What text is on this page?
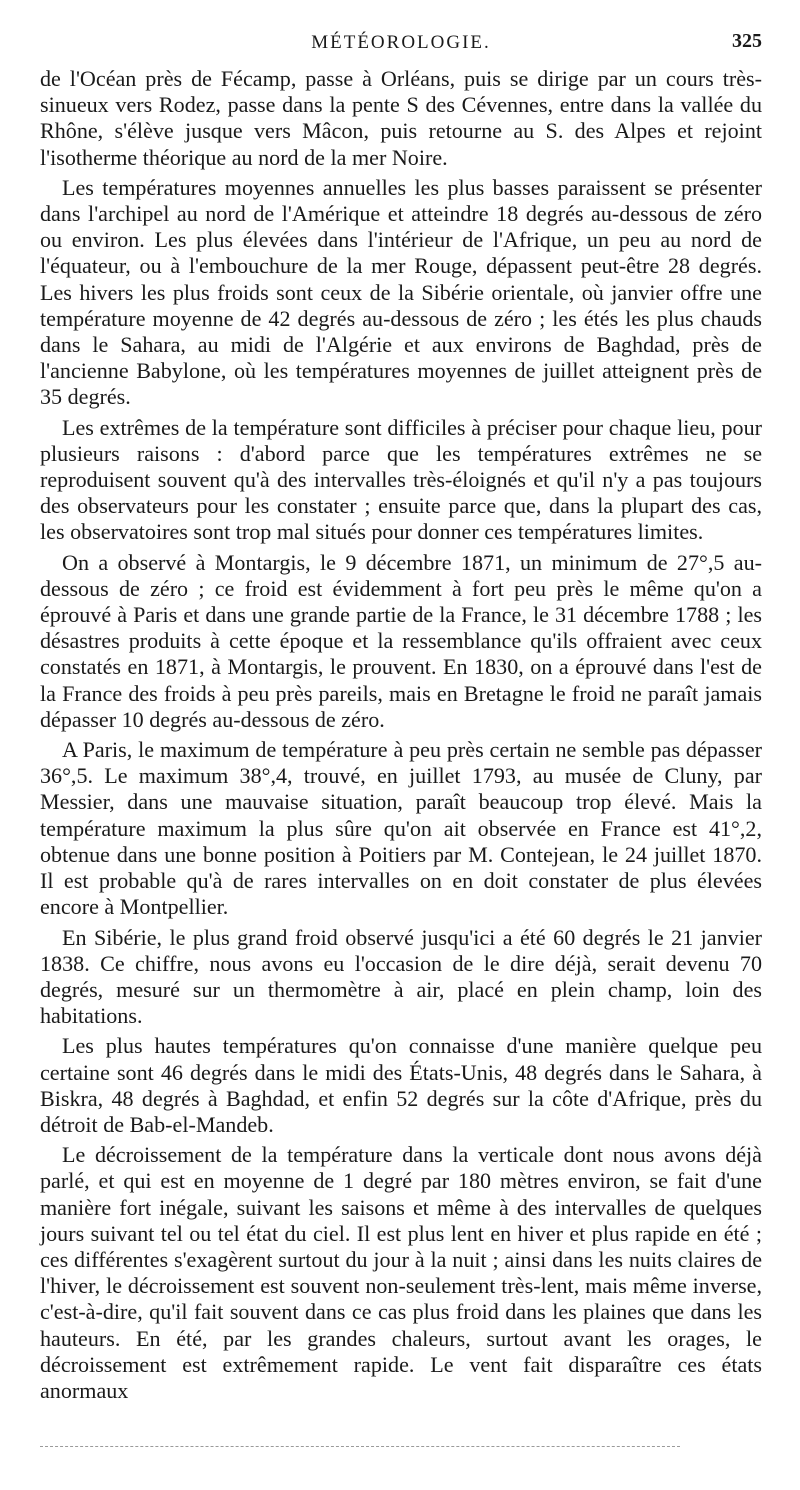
MÉTÉOROLOGIE.	325

de l'Océan près de Fécamp, passe à Orléans, puis se dirige par un cours très-sinueux vers Rodez, passe dans la pente S des Cévennes, entre dans la vallée du Rhône, s'élève jusque vers Mâcon, puis retourne au S. des Alpes et rejoint l'isotherme théorique au nord de la mer Noire.

Les températures moyennes annuelles les plus basses paraissent se présenter dans l'archipel au nord de l'Amérique et atteindre 18 degrés au-dessous de zéro ou environ. Les plus élevées dans l'intérieur de l'Afrique, un peu au nord de l'équateur, ou à l'embouchure de la mer Rouge, dépassent peut-être 28 degrés. Les hivers les plus froids sont ceux de la Sibérie orientale, où janvier offre une température moyenne de 42 degrés au-dessous de zéro ; les étés les plus chauds dans le Sahara, au midi de l'Algérie et aux environs de Baghdad, près de l'ancienne Babylone, où les températures moyennes de juillet atteignent près de 35 degrés.

Les extrêmes de la température sont difficiles à préciser pour chaque lieu, pour plusieurs raisons : d'abord parce que les températures extrêmes ne se reproduisent souvent qu'à des intervalles très-éloignés et qu'il n'y a pas toujours des observateurs pour les constater ; ensuite parce que, dans la plupart des cas, les observatoires sont trop mal situés pour donner ces températures limites.

On a observé à Montargis, le 9 décembre 1871, un minimum de 27°,5 au-dessous de zéro ; ce froid est évidemment à fort peu près le même qu'on a éprouvé à Paris et dans une grande partie de la France, le 31 décembre 1788 ; les désastres produits à cette époque et la ressemblance qu'ils offraient avec ceux constatés en 1871, à Montargis, le prouvent. En 1830, on a éprouvé dans l'est de la France des froids à peu près pareils, mais en Bretagne le froid ne paraît jamais dépasser 10 degrés au-dessous de zéro.

A Paris, le maximum de température à peu près certain ne semble pas dépasser 36°,5. Le maximum 38°,4, trouvé, en juillet 1793, au musée de Cluny, par Messier, dans une mauvaise situation, paraît beaucoup trop élevé. Mais la température maximum la plus sûre qu'on ait observée en France est 41°,2, obtenue dans une bonne position à Poitiers par M. Contejean, le 24 juillet 1870. Il est probable qu'à de rares intervalles on en doit constater de plus élevées encore à Montpellier.

En Sibérie, le plus grand froid observé jusqu'ici a été 60 degrés le 21 janvier 1838. Ce chiffre, nous avons eu l'occasion de le dire déjà, serait devenu 70 degrés, mesuré sur un thermomètre à air, placé en plein champ, loin des habitations.

Les plus hautes températures qu'on connaisse d'une manière quelque peu certaine sont 46 degrés dans le midi des États-Unis, 48 degrés dans le Sahara, à Biskra, 48 degrés à Baghdad, et enfin 52 degrés sur la côte d'Afrique, près du détroit de Bab-el-Mandeb.

Le décroissement de la température dans la verticale dont nous avons déjà parlé, et qui est en moyenne de 1 degré par 180 mètres environ, se fait d'une manière fort inégale, suivant les saisons et même à des intervalles de quelques jours suivant tel ou tel état du ciel. Il est plus lent en hiver et plus rapide en été ; ces différentes s'exagèrent surtout du jour à la nuit ; ainsi dans les nuits claires de l'hiver, le décroissement est souvent non-seulement très-lent, mais même inverse, c'est-à-dire, qu'il fait souvent dans ce cas plus froid dans les plaines que dans les hauteurs. En été, par les grandes chaleurs, surtout avant les orages, le décroissement est extrêmement rapide. Le vent fait disparaître ces états anormaux
